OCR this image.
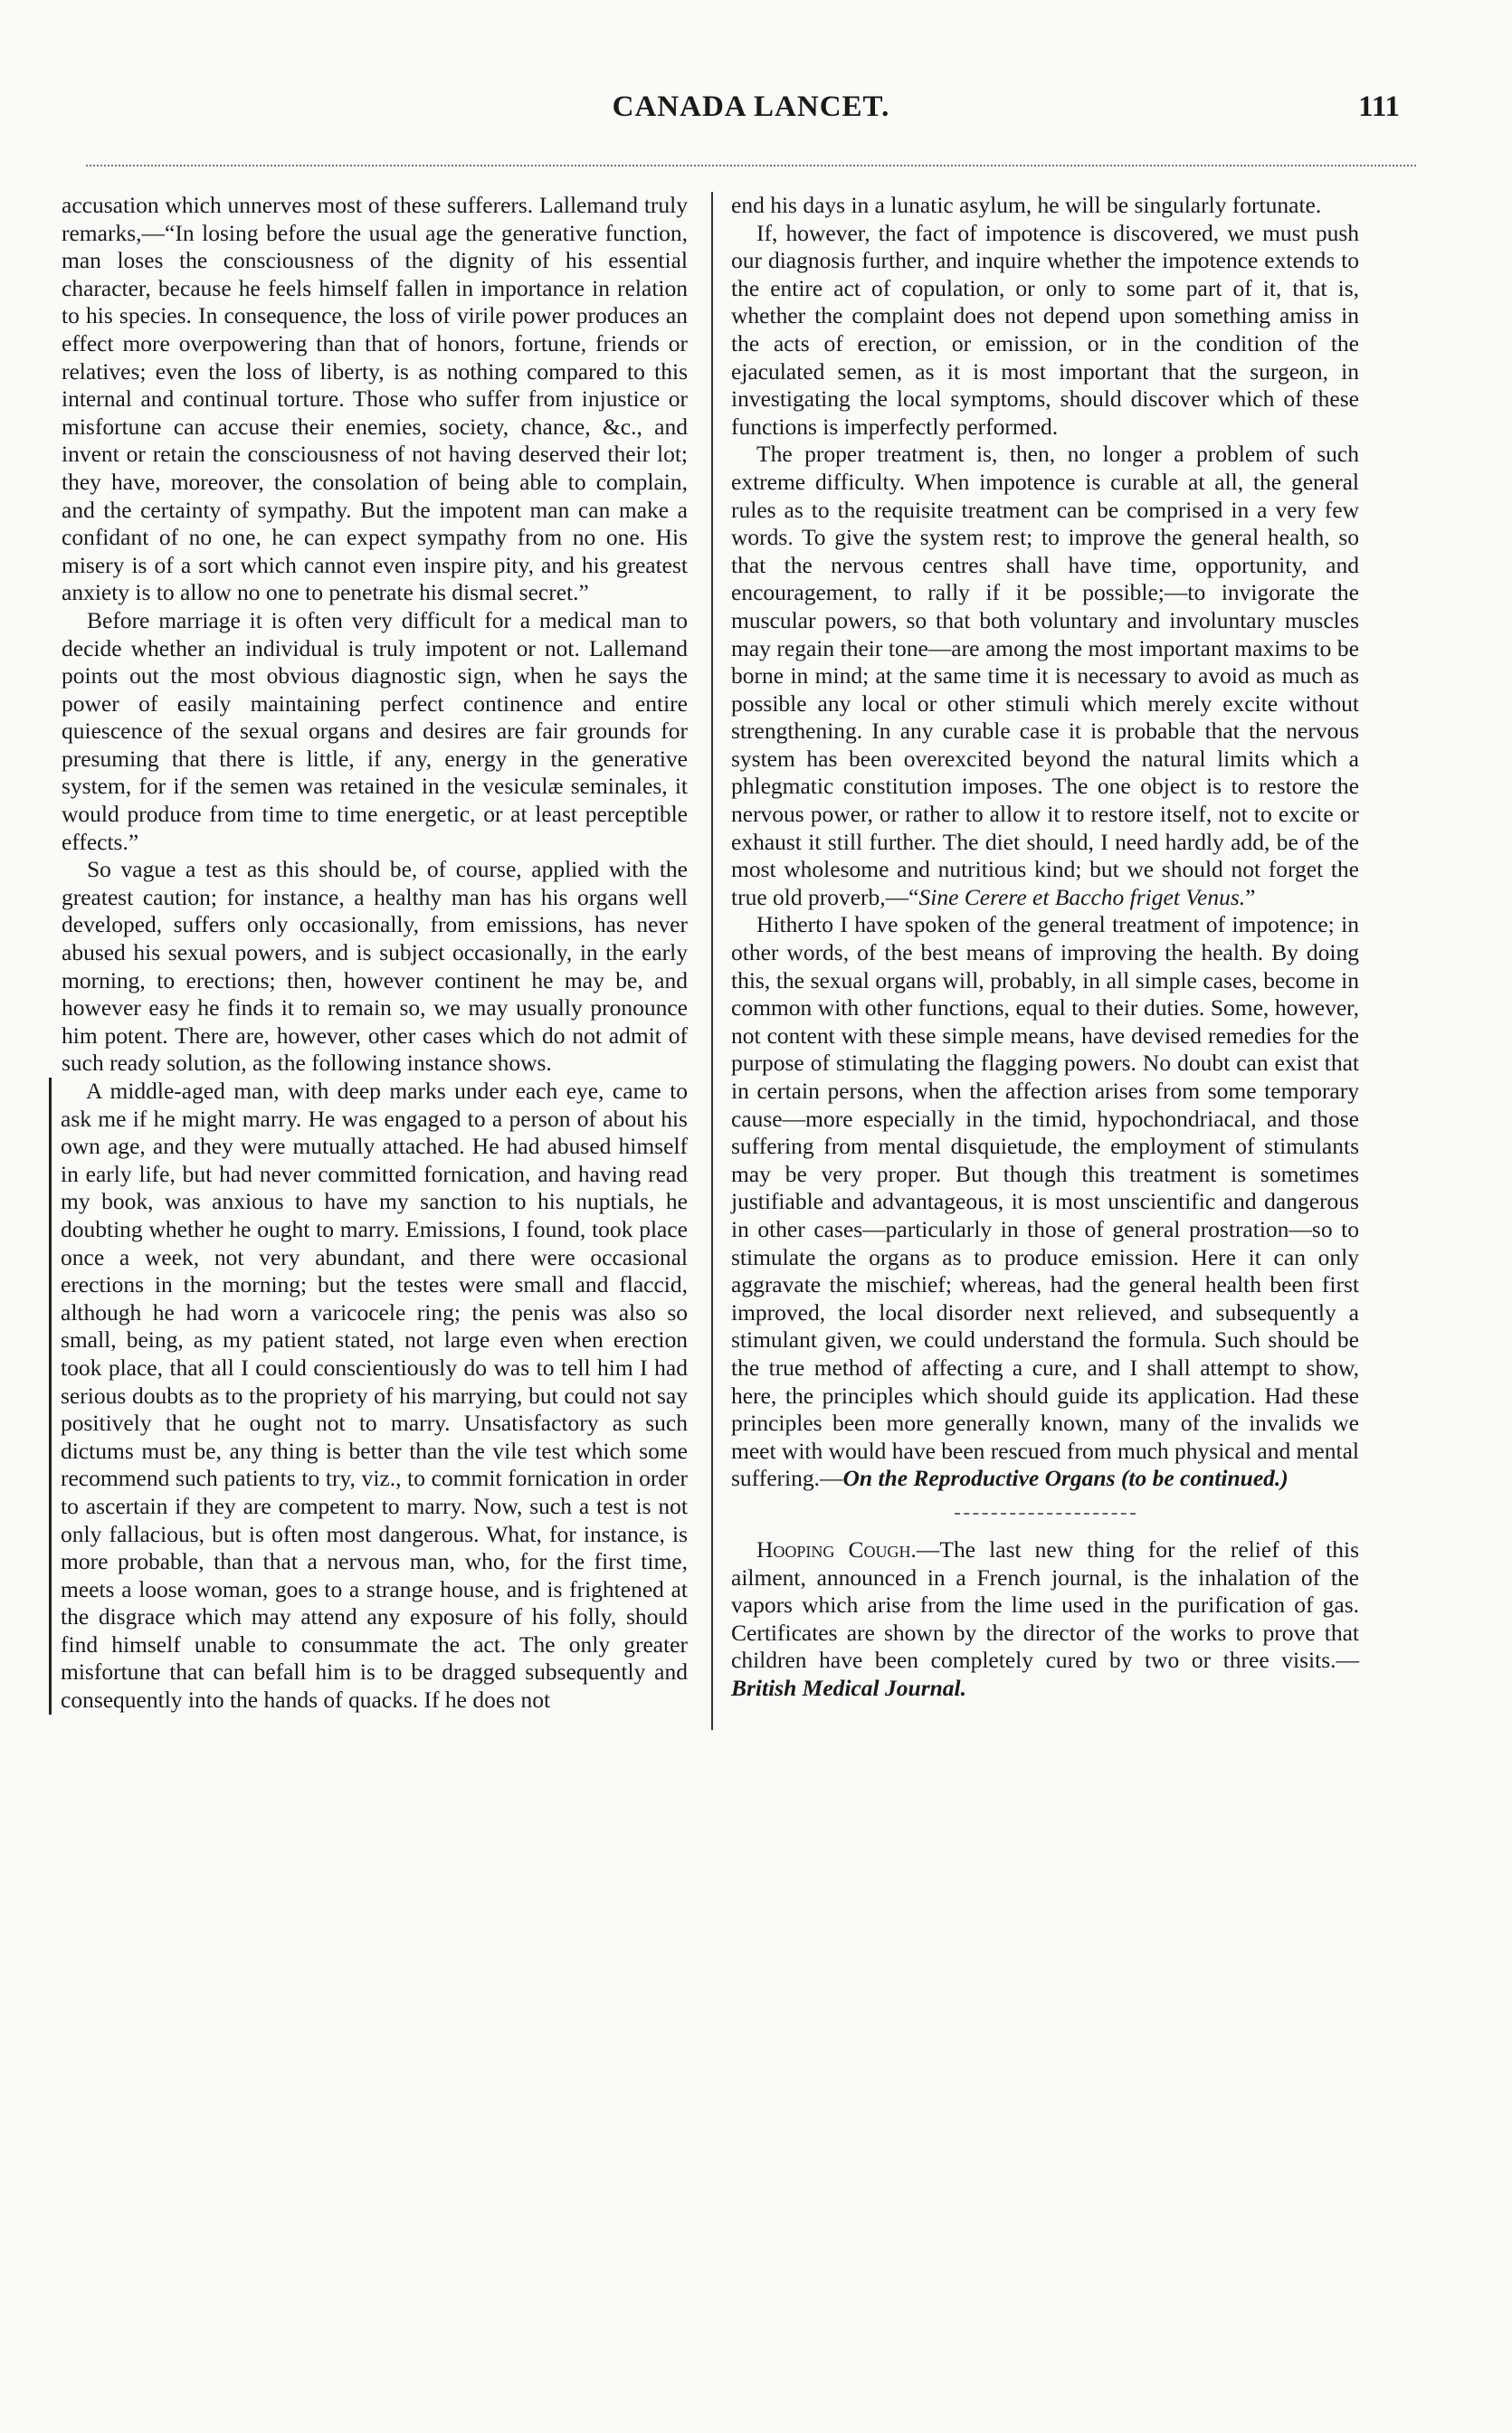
CANADA LANCET.	111

accusation which unnerves most of these sufferers. Lallemand truly remarks,—“In losing before the usual age the generative function, man loses the consciousness of the dignity of his essential character, because he feels himself fallen in importance in relation to his species. In consequence, the loss of virile power produces an effect more overpowering than that of honors, fortune, friends or relatives; even the loss of liberty, is as nothing compared to this internal and continual torture. Those who suffer from injustice or misfortune can accuse their enemies, society, chance, &c., and invent or retain the consciousness of not having deserved their lot; they have, moreover, the consolation of being able to complain, and the certainty of sympathy. But the impotent man can make a confidant of no one, he can expect sympathy from no one. His misery is of a sort which cannot even inspire pity, and his greatest anxiety is to allow no one to penetrate his dismal secret.”

Before marriage it is often very difficult for a medical man to decide whether an individual is truly impotent or not. Lallemand points out the most obvious diagnostic sign, when he says the power of easily maintaining perfect continence and entire quiescence of the sexual organs and desires are fair grounds for presuming that there is little, if any, energy in the generative system, for if the semen was retained in the vesiculæ seminales, it would produce from time to time energetic, or at least perceptible effects.”

So vague a test as this should be, of course, applied with the greatest caution; for instance, a healthy man has his organs well developed, suffers only occasionally, from emissions, has never abused his sexual powers, and is subject occasionally, in the early morning, to erections; then, however continent he may be, and however easy he finds it to remain so, we may usually pronounce him potent. There are, however, other cases which do not admit of such ready solution, as the following instance shows.

A middle-aged man, with deep marks under each eye, came to ask me if he might marry. He was engaged to a person of about his own age, and they were mutually attached. He had abused himself in early life, but had never committed fornication, and having read my book, was anxious to have my sanction to his nuptials, he doubting whether he ought to marry. Emissions, I found, took place once a week, not very abundant, and there were occasional erections in the morning; but the testes were small and flaccid, although he had worn a varicocele ring; the penis was also so small, being, as my patient stated, not large even when erection took place, that all I could conscientiously do was to tell him I had serious doubts as to the propriety of his marrying, but could not say positively that he ought not to marry. Unsatisfactory as such dictums must be, any thing is better than the vile test which some recommend such patients to try, viz., to commit fornication in order to ascertain if they are competent to marry. Now, such a test is not only fallacious, but is often most dangerous. What, for instance, is more probable, than that a nervous man, who, for the first time, meets a loose woman, goes to a strange house, and is frightened at the disgrace which may attend any exposure of his folly, should find himself unable to consummate the act. The only greater misfortune that can befall him is to be dragged subsequently and consequently into the hands of quacks. If he does not

end his days in a lunatic asylum, he will be singularly fortunate.

If, however, the fact of impotence is discovered, we must push our diagnosis further, and inquire whether the impotence extends to the entire act of copulation, or only to some part of it, that is, whether the complaint does not depend upon something amiss in the acts of erection, or emission, or in the condition of the ejaculated semen, as it is most important that the surgeon, in investigating the local symptoms, should discover which of these functions is imperfectly performed.

The proper treatment is, then, no longer a problem of such extreme difficulty. When impotence is curable at all, the general rules as to the requisite treatment can be comprised in a very few words. To give the system rest; to improve the general health, so that the nervous centres shall have time, opportunity, and encouragement, to rally if it be possible;—to invigorate the muscular powers, so that both voluntary and involuntary muscles may regain their tone—are among the most important maxims to be borne in mind; at the same time it is necessary to avoid as much as possible any local or other stimuli which merely excite without strengthening. In any curable case it is probable that the nervous system has been overexcited beyond the natural limits which a phlegmatic constitution imposes. The one object is to restore the nervous power, or rather to allow it to restore itself, not to excite or exhaust it still further. The diet should, I need hardly add, be of the most wholesome and nutritious kind; but we should not forget the true old proverb,—“Sine Cerere et Baccho friget Venus.”

Hitherto I have spoken of the general treatment of impotence; in other words, of the best means of improving the health. By doing this, the sexual organs will, probably, in all simple cases, become in common with other functions, equal to their duties. Some, however, not content with these simple means, have devised remedies for the purpose of stimulating the flagging powers. No doubt can exist that in certain persons, when the affection arises from some temporary cause—more especially in the timid, hypochondriacal, and those suffering from mental disquietude, the employment of stimulants may be very proper. But though this treatment is sometimes justifiable and advantageous, it is most unscientific and dangerous in other cases—particularly in those of general prostration—so to stimulate the organs as to produce emission. Here it can only aggravate the mischief; whereas, had the general health been first improved, the local disorder next relieved, and subsequently a stimulant given, we could understand the formula. Such should be the true method of affecting a cure, and I shall attempt to show, here, the principles which should guide its application. Had these principles been more generally known, many of the invalids we meet with would have been rescued from much physical and mental suffering.—On the Reproductive Organs (to be continued.)

Hooping Cough.—The last new thing for the relief of this ailment, announced in a French journal, is the inhalation of the vapors which arise from the lime used in the purification of gas. Certificates are shown by the director of the works to prove that children have been completely cured by two or three visits.—British Medical Journal.
